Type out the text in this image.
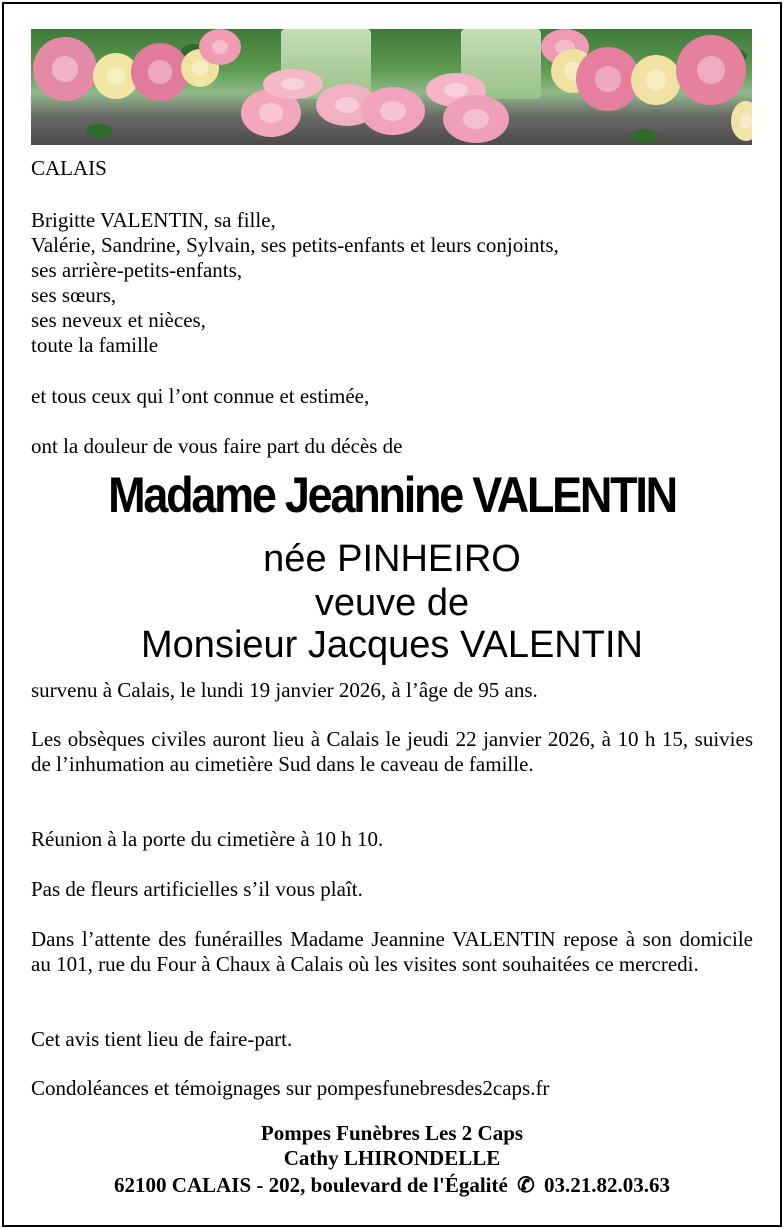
CALAIS
Brigitte VALENTIN, sa fille,
Valérie, Sandrine, Sylvain, ses petits-enfants et leurs conjoints,
ses arrière-petits-enfants,
ses sœurs,
ses neveux et nièces,
toute la famille
et tous ceux qui l’ont connue et estimée,
ont la douleur de vous faire part du décès de
Madame Jeannine VALENTIN
née PINHEIRO
veuve de
Monsieur Jacques VALENTIN
survenu à Calais, le lundi 19 janvier 2026, à l’âge de 95 ans.
Les obsèques civiles auront lieu à Calais le jeudi 22 janvier 2026, à 10 h 15, suivies de l’inhumation au cimetière Sud dans le caveau de famille.
Réunion à la porte du cimetière à 10 h 10.
Pas de fleurs artificielles s’il vous plaît.
Dans l’attente des funérailles Madame Jeannine VALENTIN repose à son domicile au 101, rue du Four à Chaux à Calais où les visites sont souhaitées ce mercredi.
Cet avis tient lieu de faire-part.
Condoléances et témoignages sur pompesfunebresdes2caps.fr
Pompes Funèbres Les 2 Caps
Cathy LHIRONDELLE
62100 CALAIS - 202, boulevard de l'Égalité ✆ 03.21.82.03.63
